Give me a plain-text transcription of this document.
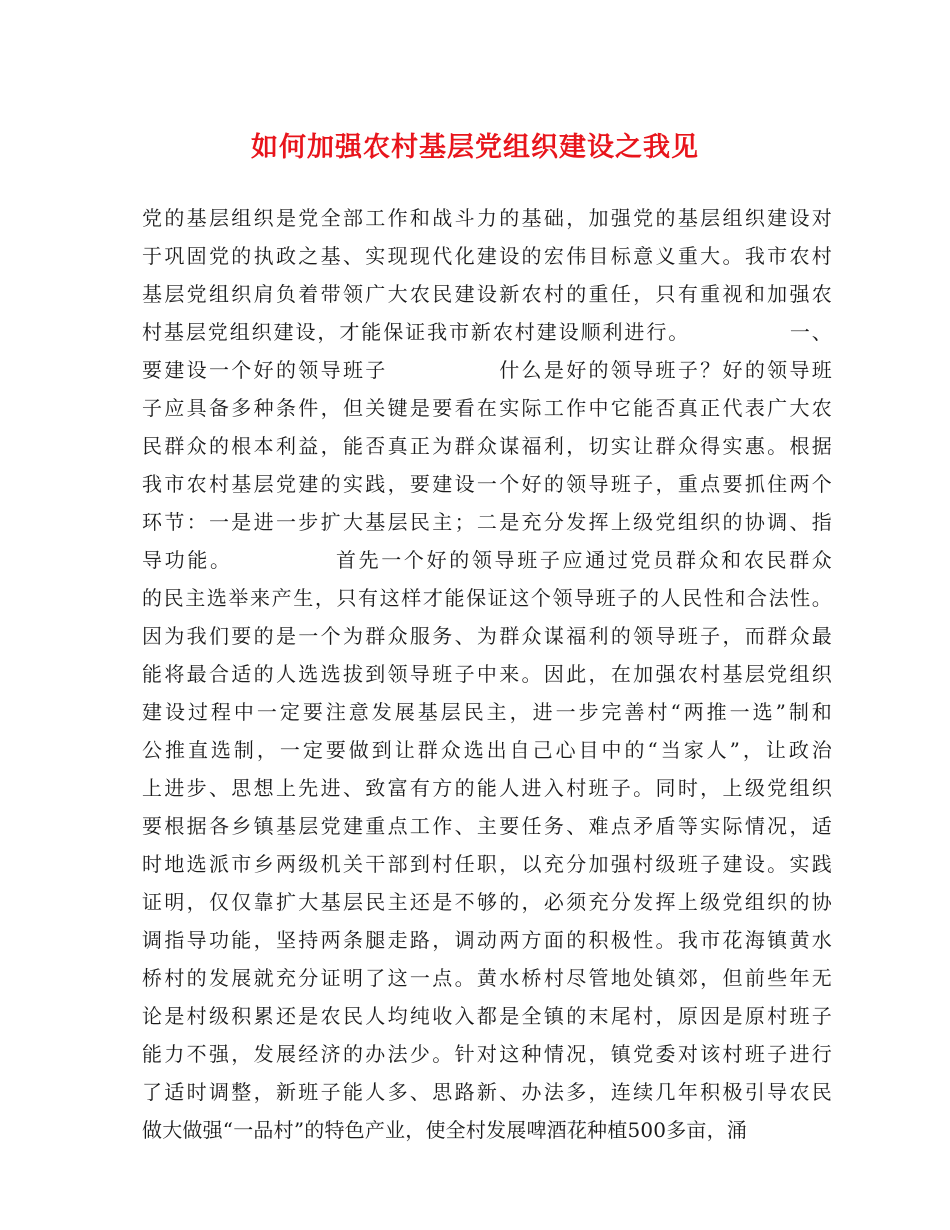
如何加强农村基层党组织建设之我见
党的基层组织是党全部工作和战斗力的基础，加强党的基层组织建设对
于巩固党的执政之基、实现现代化建设的宏伟目标意义重大。我市农村
基层党组织肩负着带领广大农民建设新农村的重任，只有重视和加强农
村基层党组织建设，才能保证我市新农村建设顺利进行。　　　　　一、
要建设一个好的领导班子　　　　　什么是好的领导班子？好的领导班
子应具备多种条件，但关键是要看在实际工作中它能否真正代表广大农
民群众的根本利益，能否真正为群众谋福利，切实让群众得实惠。根据
我市农村基层党建的实践，要建设一个好的领导班子，重点要抓住两个
环节：一是进一步扩大基层民主；二是充分发挥上级党组织的协调、指
导功能。　　　　　首先一个好的领导班子应通过党员群众和农民群众
的民主选举来产生，只有这样才能保证这个领导班子的人民性和合法性。
因为我们要的是一个为群众服务、为群众谋福利的领导班子，而群众最
能将最合适的人选选拔到领导班子中来。因此，在加强农村基层党组织
建设过程中一定要注意发展基层民主，进一步完善村“两推一选”制和
公推直选制，一定要做到让群众选出自己心目中的“当家人”，让政治
上进步、思想上先进、致富有方的能人进入村班子。同时，上级党组织
要根据各乡镇基层党建重点工作、主要任务、难点矛盾等实际情况，适
时地选派市乡两级机关干部到村任职，以充分加强村级班子建设。实践
证明，仅仅靠扩大基层民主还是不够的，必须充分发挥上级党组织的协
调指导功能，坚持两条腿走路，调动两方面的积极性。我市花海镇黄水
桥村的发展就充分证明了这一点。黄水桥村尽管地处镇郊，但前些年无
论是村级积累还是农民人均纯收入都是全镇的末尾村，原因是原村班子
能力不强，发展经济的办法少。针对这种情况，镇党委对该村班子进行
了适时调整，新班子能人多、思路新、办法多，连续几年积极引导农民
做大做强“一品村”的特色产业，使全村发展啤酒花种植500多亩，涌
